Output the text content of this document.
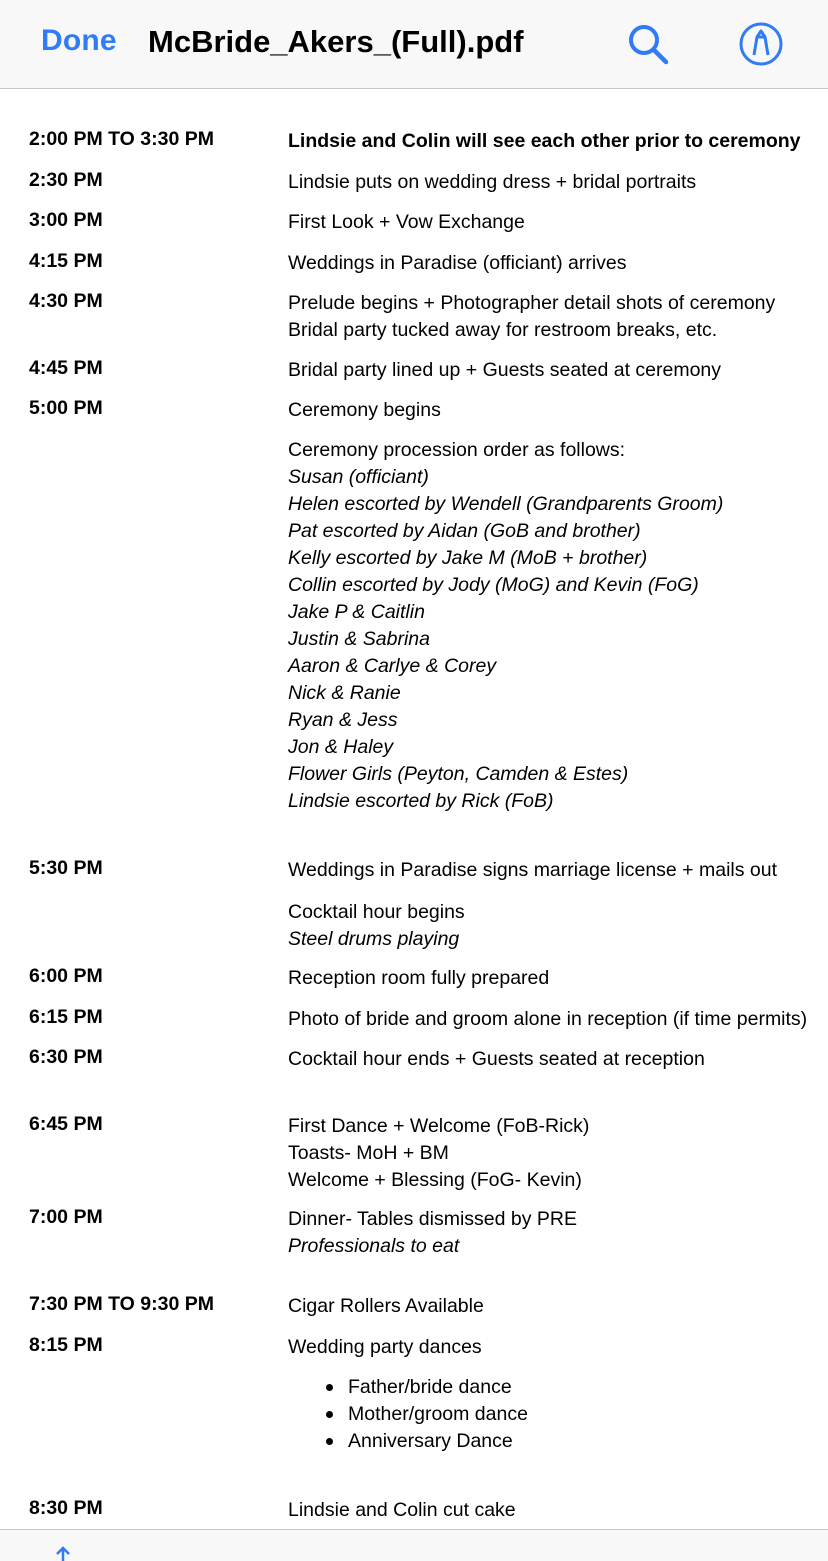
Done McBride_Akers_(Full).pdf
2:00 PM TO 3:30 PM	Lindsie and Colin will see each other prior to ceremony
2:30 PM	Lindsie puts on wedding dress + bridal portraits
3:00 PM	First Look + Vow Exchange
4:15 PM	Weddings in Paradise (officiant) arrives
4:30 PM	Prelude begins + Photographer detail shots of ceremony
Bridal party tucked away for restroom breaks, etc.
4:45 PM	Bridal party lined up + Guests seated at ceremony
5:00 PM	Ceremony begins
Ceremony procession order as follows:
Susan (officiant)
Helen escorted by Wendell (Grandparents Groom)
Pat escorted by Aidan (GoB and brother)
Kelly escorted by Jake M (MoB + brother)
Collin escorted by Jody (MoG) and Kevin (FoG)
Jake P & Caitlin
Justin & Sabrina
Aaron & Carlye & Corey
Nick & Ranie
Ryan & Jess
Jon & Haley
Flower Girls (Peyton, Camden & Estes)
Lindsie escorted by Rick (FoB)
5:30 PM	Weddings in Paradise signs marriage license + mails out
Cocktail hour begins
Steel drums playing
6:00 PM	Reception room fully prepared
6:15 PM	Photo of bride and groom alone in reception (if time permits)
6:30 PM	Cocktail hour ends + Guests seated at reception
6:45 PM	First Dance + Welcome (FoB-Rick)
Toasts- MoH + BM
Welcome + Blessing (FoG- Kevin)
7:00 PM	Dinner- Tables dismissed by PRE
Professionals to eat
7:30 PM TO 9:30 PM	Cigar Rollers Available
8:15 PM	Wedding party dances
Father/bride dance
Mother/groom dance
Anniversary Dance
8:30 PM	Lindsie and Colin cut cake
